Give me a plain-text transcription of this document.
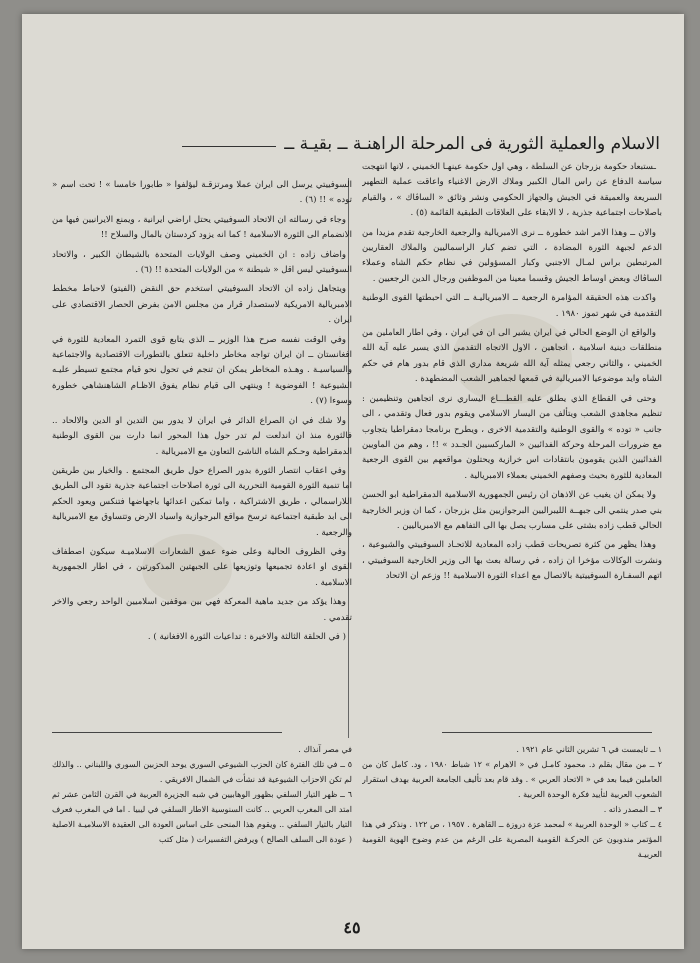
الاسلام والعملية الثورية فى المرحلة الراهنـة ــ بقيـة ــ

ـستبعاد حكومة بزرجان عن السلطة ، وهي اول حكومة عينهـا الخميني ، لانها انتهجت سياسة الدفاع عن راس المال الكبير وملاك الارض الاغنياء واعاقت عملية التطهير السريعة والعميقة في الجيش والجهاز الحكومي ونشر وثائق « الساڤاك » ، والقيام باصلاحات اجتماعية جذرية ، لا الابقاء على العلاقات الطبقية القائمة (٥) .

والان ــ وهذا الامر اشد خطورة ــ نرى الامبريالية والرجعية الخارجية تقدم مزيدا من الدعم لجبهة الثورة المضادة ، التي تضم كبار الراسماليين والملاك العقاريين المرتبطين براس لمـال الاجنبي وكبار المسؤولين في نظام حكم الشاه وعملاء الساڤاك وبعض اوساط الجيش وقسما معينا من الموظفين ورجال الدين الرجعيين .

واكدت هذه الحقيقة المؤامرة الرجعية ــ الامبرياليـة ــ التي احبطتها القوى الوطنية التقدمية في شهر تموز ١٩٨٠ .

والواقع ان الوضع الحالي في ايران يشير الى ان في ايران ، وفي اطار العاملين من منطلقات دينية اسلامية ، اتجاهين ، الاول الاتجاه التقدمي الذي يسير عليه آية الله الخميني ، والثاني رجعي يمثله آية الله شريعة مداري الذي قام بدور هام في حكم الشاه وايد موضوعيا الامبريالية في قمعها لجماهير الشعب المضطهدة .

وحتى في القطاع الذي يطلق عليه القطـــاع اليساري نرى اتجاهين وتنظيمين : تنظيم مجاهدي الشعب ويتألف من اليسار الاسلامي ويقوم بدور فعال وتقدمي ، الى جانب « توده » والقوى الوطنية والتقدمية الاخرى ، ويطرح برنامجا دمقراطيا يتجاوب مع ضرورات المرحلة وحركة الفدائيين « الماركسيين الجـدد » !! ، وهم من الماويين الفدائيين الذين يقومون بانتقادات اس خرازية ويحتلون مواقعهم بين القوى الرجعية المعادية للثورة بحيث وصفهم الخميني بعملاء الامبريالية .

ولا يمكن ان يغيب عن الاذهان ان رئيس الجمهورية الاسلامية الدمقراطية ابو الحسن بني صدر ينتمي الى جبهــة الليبراليين البرجوازيين مثل بزرجان ، كما ان وزير الخارجية الحالي قطب زاده بشتى على مسارب يصل بها الى التفاهم مع الامبرياليين .

وهذا يظهر من كثرة تصريحات قطب زاده المعادية للاتحـاد السوفييتي والشيوعية ، ونشرت الوكالات مؤخرا ان زاده ، في رسالة بعث بها الى وزير الخارجية السوفييتي ، اتهم السفـارة السوفييتية بالاتصال مع اعداء الثورة الاسلامية !! وزعم ان الاتحاد

السوفييتي يرسل الى ايران عملا ومرتزقـة ليؤلفوا « طابورا خامسا » ! تحت اسم « توده » !! (٦) .

وجاء في رسالته ان الاتحاد السوفييتي يحتل اراضي ايرانية ، ويمنع الايرانيين فيها من الانضمام الى الثورة الاسلامية ! كما انه يزود كردستان بالمال والسلاح !!

واضاف زاده : ان الخميني وصف الولايات المتحدة بالشيطان الكبير ، والاتحاد السوفييتي ليس اقل « شيطنة » من الولايات المتحدة !! (٦) .

ويتجاهل زاده ان الاتحاد السوفييتي استخدم حق النقض (الفيتو) لاحباط مخطط الامبريالية الامريكية لاستصدار قرار من مجلس الامن بفرض الحصار الاقتصادي على ايران .

وفي الوقت نفسه صرح هذا الوزير ــ الذي يتابع قوى التمرد المعادية للثورة في افغانستان ــ ان ايران تواجه مخاطر داخلية تتعلق بالتطورات الاقتصادية والاجتماعية والسياسيـة . وهـذه المخاطر يمكن ان تنجم في تحول نحو قيام مجتمع تسيطر عليـه الشيوعية ! الفوضوية ! وينتهي الى قيام نظام يفوق الاظـام الشاهنشاهي خطورة وسوءا (٧) .

ولا شك في ان الصراع الدائر في ايران لا يدور بين التدين او الدين والالحاد .. فالثورة منذ ان اندلعت لم تدر حول هذا المحور انما دارت بين القوى الوطنية الدمقراطية وحـكم الشاه الناشئ التعاون مع الامبريالية .

وفي اعقاب انتصار الثورة بدور الصراع حول طريق المجتمع . والخيار بين طريقين اما تنمية الثورة القومية التحررية الى ثورة اصلاحات اجتماعية جذرية تقود الى الطريق اللاراسمالي ، طريق الاشتراكية ، واما تمكين اعدائها باجهاضها فتنكس ويعود الحكم الى ابد طبقية اجتماعية ترسخ مواقع البرجوازية واسياد الارض وتتساوق مع الامبريالية والرجعية .

وفي الظروف الحالية وعلى ضوء عمق الشعارات الاسلاميـة سيكون اصطفاف القوى او اعادة تجميعها وتوزيعها على الجبهتين المذكورتين ، في اطار الجمهورية الاسلامية .

وهذا يؤكد من جديد ماهية المعركة فهي بين موقفين اسلاميين الواحد رجعي والاخر تقدمي .

( في الحلقة الثالثة والاخيرة : تداعيات الثورة الافغانية ) .

١ ــ تايمست في ٦ تشرين الثاني عام ١٩٢١ .
٢ ــ من مقال بقلم د. محمود كامـل في « الاهرام » ١٢ شباط ١٩٨٠ ، ود. كامل كان من العاملين فيما بعد في « الاتحاد العربي » . وقد قام بعد تأليف الجامعة العربية بهدف استقرار الشعوب العربية لتأييد فكرة الوحدة العربية .
٣ ــ المصدر ذاته .
٤ ــ كتاب « الوحدة العربية » لمحمد عزة دروزة ــ القاهرة . ١٩٥٧ ، ص ١٢٢ . ونذكر في هذا المؤتمر مندوبون عن الحركـة القومية المصرية على الرغم من عدم وضوح الهوية القومية العربيـة
في مصر آنذاك .
٥ ــ في تلك الفترة كان الحزب الشيوعي السوري يوحد الحزبين السوري واللبناني .. والذلك لم تكن الاحزاب الشيوعية قد نشأت في الشمال الافريقي .
٦ ــ ظهر التيار السلفي بظهور الوهابيين في شبه الجزيرة العربية في القرن الثامن عشر ثم امتد الى المغرب العربي .. كانت السنوسية الاطار السلفي في ليبيا . اما في المغرب فعرف التيار بالتيار السلفي .. ويقوم هذا المنحى على اساس العودة الى العقيدة الاسلاميـة الاصلية ( عودة الى السلف الصالح ) ويرفض التفسيرات ( مثل كتب
٤٥
